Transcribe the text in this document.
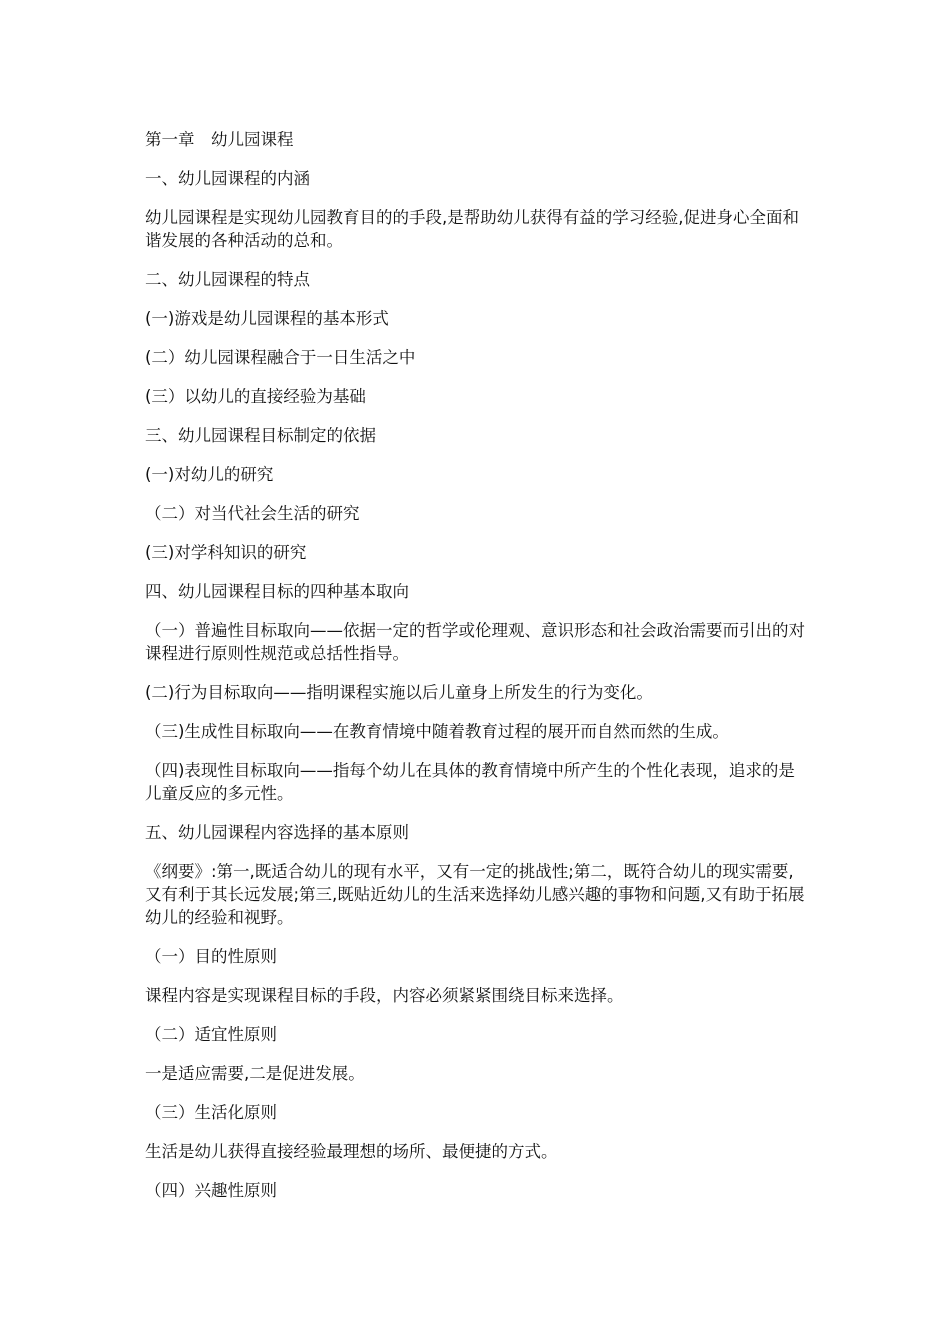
第一章　幼儿园课程

一、幼儿园课程的内涵

幼儿园课程是实现幼儿园教育目的的手段,是帮助幼儿获得有益的学习经验,促进身心全面和谐发展的各种活动的总和。

二、幼儿园课程的特点

(一)游戏是幼儿园课程的基本形式

(二）幼儿园课程融合于一日生活之中

(三）以幼儿的直接经验为基础

三、幼儿园课程目标制定的依据

(一)对幼儿的研究

（二）对当代社会生活的研究

(三)对学科知识的研究

四、幼儿园课程目标的四种基本取向

（一）普遍性目标取向——依据一定的哲学或伦理观、意识形态和社会政治需要而引出的对课程进行原则性规范或总括性指导。

(二)行为目标取向——指明课程实施以后儿童身上所发生的行为变化。

（三)生成性目标取向——在教育情境中随着教育过程的展开而自然而然的生成。

（四)表现性目标取向——指每个幼儿在具体的教育情境中所产生的个性化表现，追求的是儿童反应的多元性。

五、幼儿园课程内容选择的基本原则

《纲要》:第一,既适合幼儿的现有水平，又有一定的挑战性;第二，既符合幼儿的现实需要,又有利于其长远发展;第三,既贴近幼儿的生活来选择幼儿感兴趣的事物和问题,又有助于拓展幼儿的经验和视野。

（一）目的性原则

课程内容是实现课程目标的手段，内容必须紧紧围绕目标来选择。

（二）适宜性原则

一是适应需要,二是促进发展。

（三）生活化原则

生活是幼儿获得直接经验最理想的场所、最便捷的方式。

（四）兴趣性原则
